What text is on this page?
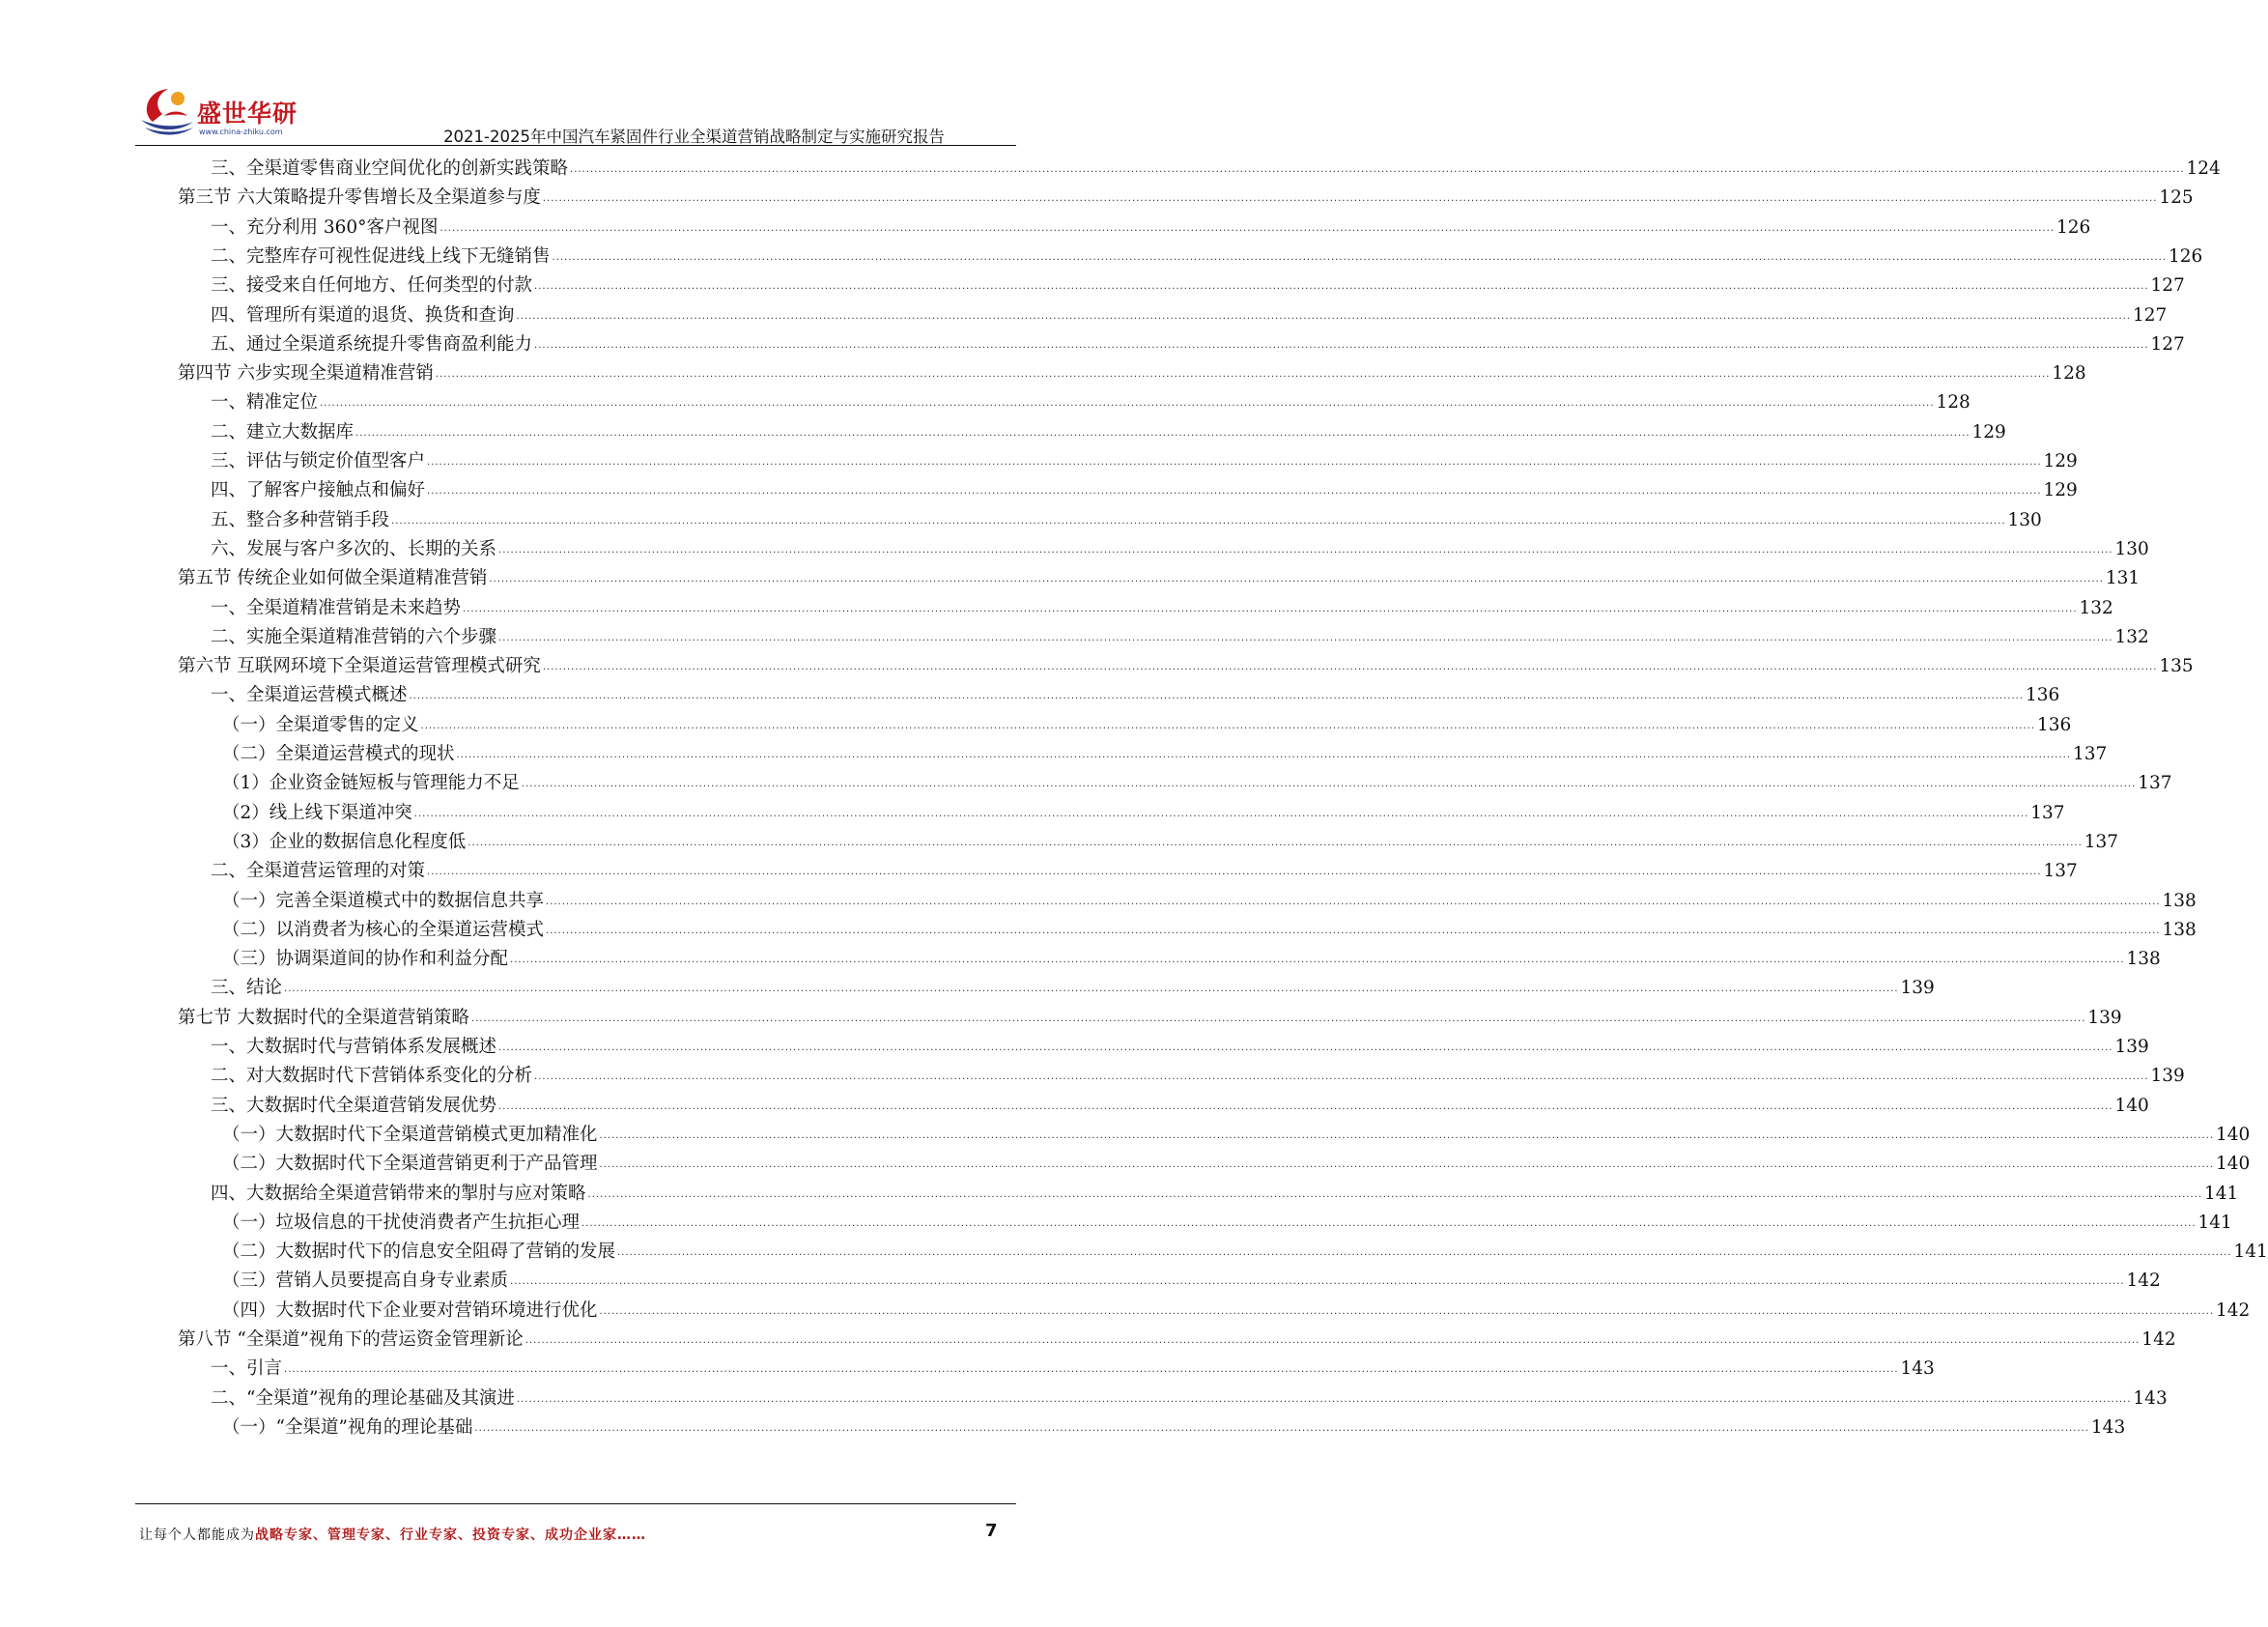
盛世华研
www.china-zhiku.com	2021-2025年中国汽车紧固件行业全渠道营销战略制定与实施研究报告
三、全渠道零售商业空间优化的创新实践策略 ................................................................................................................................................................................................................................................................................................................................................................................................................ 124
第三节 六大策略提升零售增长及全渠道参与度 ................................................................................................................................................................................................................................................................................................................................................................................................................ 125
一、充分利用 360°客户视图 ................................................................................................................................................................................................................................................................................................................................................................................................................ 126
二、完整库存可视性促进线上线下无缝销售 ................................................................................................................................................................................................................................................................................................................................................................................................................ 126
三、接受来自任何地方、任何类型的付款 ................................................................................................................................................................................................................................................................................................................................................................................................................ 127
四、管理所有渠道的退货、换货和查询 ................................................................................................................................................................................................................................................................................................................................................................................................................ 127
五、通过全渠道系统提升零售商盈利能力 ................................................................................................................................................................................................................................................................................................................................................................................................................ 127
第四节 六步实现全渠道精准营销 ................................................................................................................................................................................................................................................................................................................................................................................................................ 128
一、精准定位 ................................................................................................................................................................................................................................................................................................................................................................................................................ 128
二、建立大数据库 ................................................................................................................................................................................................................................................................................................................................................................................................................ 129
三、评估与锁定价值型客户 ................................................................................................................................................................................................................................................................................................................................................................................................................ 129
四、了解客户接触点和偏好 ................................................................................................................................................................................................................................................................................................................................................................................................................ 129
五、整合多种营销手段 ................................................................................................................................................................................................................................................................................................................................................................................................................ 130
六、发展与客户多次的、长期的关系 ................................................................................................................................................................................................................................................................................................................................................................................................................ 130
第五节 传统企业如何做全渠道精准营销 ................................................................................................................................................................................................................................................................................................................................................................................................................ 131
一、全渠道精准营销是未来趋势 ................................................................................................................................................................................................................................................................................................................................................................................................................ 132
二、实施全渠道精准营销的六个步骤 ................................................................................................................................................................................................................................................................................................................................................................................................................ 132
第六节 互联网环境下全渠道运营管理模式研究 ................................................................................................................................................................................................................................................................................................................................................................................................................ 135
一、全渠道运营模式概述 ................................................................................................................................................................................................................................................................................................................................................................................................................ 136
（一）全渠道零售的定义 ................................................................................................................................................................................................................................................................................................................................................................................................................ 136
（二）全渠道运营模式的现状 ................................................................................................................................................................................................................................................................................................................................................................................................................ 137
（1）企业资金链短板与管理能力不足 ................................................................................................................................................................................................................................................................................................................................................................................................................ 137
（2）线上线下渠道冲突 ................................................................................................................................................................................................................................................................................................................................................................................................................ 137
（3）企业的数据信息化程度低 ................................................................................................................................................................................................................................................................................................................................................................................................................ 137
二、全渠道营运管理的对策 ................................................................................................................................................................................................................................................................................................................................................................................................................ 137
（一）完善全渠道模式中的数据信息共享 ................................................................................................................................................................................................................................................................................................................................................................................................................ 138
（二）以消费者为核心的全渠道运营模式 ................................................................................................................................................................................................................................................................................................................................................................................................................ 138
（三）协调渠道间的协作和利益分配 ................................................................................................................................................................................................................................................................................................................................................................................................................ 138
三、结论 ................................................................................................................................................................................................................................................................................................................................................................................................................ 139
第七节 大数据时代的全渠道营销策略 ................................................................................................................................................................................................................................................................................................................................................................................................................ 139
一、大数据时代与营销体系发展概述 ................................................................................................................................................................................................................................................................................................................................................................................................................ 139
二、对大数据时代下营销体系变化的分析 ................................................................................................................................................................................................................................................................................................................................................................................................................ 139
三、大数据时代全渠道营销发展优势 ................................................................................................................................................................................................................................................................................................................................................................................................................ 140
（一）大数据时代下全渠道营销模式更加精准化 ................................................................................................................................................................................................................................................................................................................................................................................................................ 140
（二）大数据时代下全渠道营销更利于产品管理 ................................................................................................................................................................................................................................................................................................................................................................................................................ 140
四、大数据给全渠道营销带来的掣肘与应对策略 ................................................................................................................................................................................................................................................................................................................................................................................................................ 141
（一）垃圾信息的干扰使消费者产生抗拒心理 ................................................................................................................................................................................................................................................................................................................................................................................................................ 141
（二）大数据时代下的信息安全阻碍了营销的发展 ................................................................................................................................................................................................................................................................................................................................................................................................................ 141
（三）营销人员要提高自身专业素质 ................................................................................................................................................................................................................................................................................................................................................................................................................ 142
（四）大数据时代下企业要对营销环境进行优化 ................................................................................................................................................................................................................................................................................................................................................................................................................ 142
第八节 “全渠道”视角下的营运资金管理新论 ................................................................................................................................................................................................................................................................................................................................................................................................................ 142
一、引言 ................................................................................................................................................................................................................................................................................................................................................................................................................ 143
二、“全渠道”视角的理论基础及其演进 ................................................................................................................................................................................................................................................................................................................................................................................................................ 143
（一）“全渠道”视角的理论基础 ................................................................................................................................................................................................................................................................................................................................................................................................................ 143
让每个人都能成为战略专家、管理专家、行业专家、投资专家、成功企业家……	7
